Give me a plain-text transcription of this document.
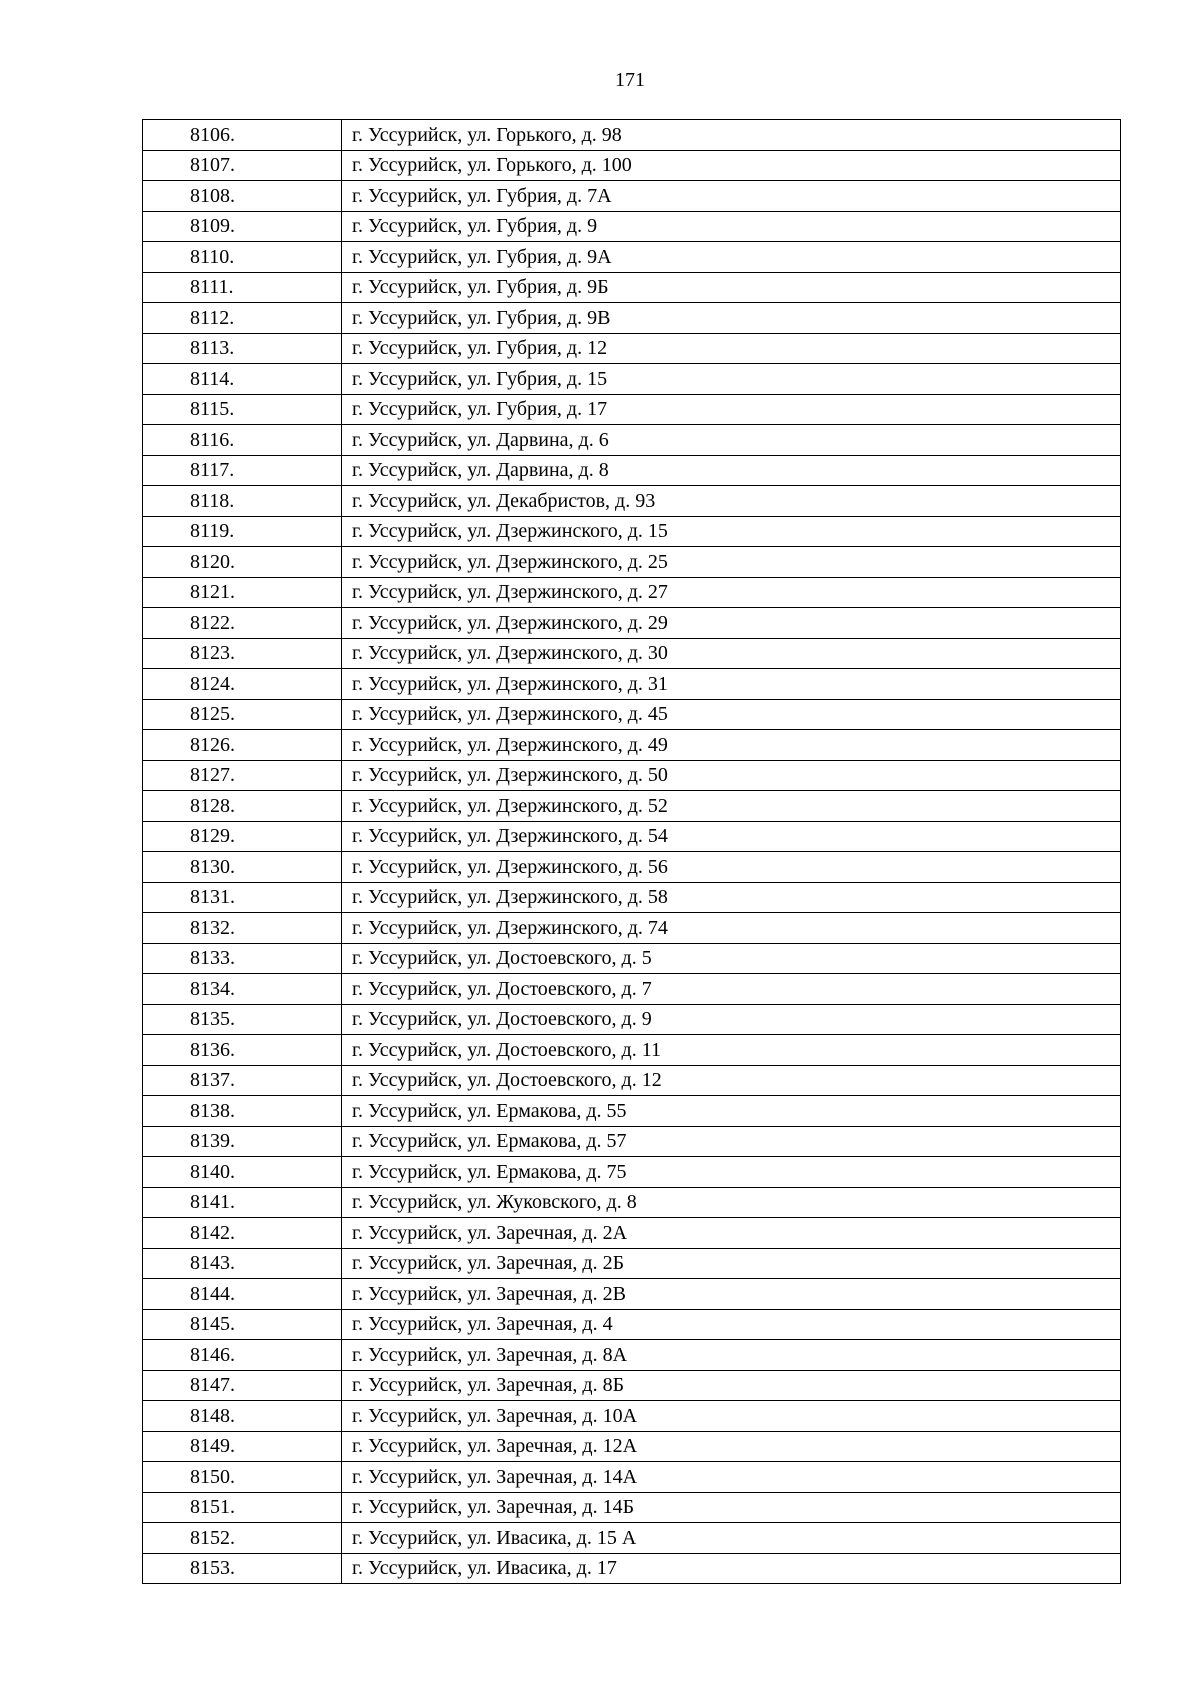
171
8106.	г. Уссурийск, ул. Горького, д. 98
8107.	г. Уссурийск, ул. Горького, д. 100
8108.	г. Уссурийск, ул. Губрия, д. 7А
8109.	г. Уссурийск, ул. Губрия, д. 9
8110.	г. Уссурийск, ул. Губрия, д. 9А
8111.	г. Уссурийск, ул. Губрия, д. 9Б
8112.	г. Уссурийск, ул. Губрия, д. 9В
8113.	г. Уссурийск, ул. Губрия, д. 12
8114.	г. Уссурийск, ул. Губрия, д. 15
8115.	г. Уссурийск, ул. Губрия, д. 17
8116.	г. Уссурийск, ул. Дарвина, д. 6
8117.	г. Уссурийск, ул. Дарвина, д. 8
8118.	г. Уссурийск, ул. Декабристов, д. 93
8119.	г. Уссурийск, ул. Дзержинского, д. 15
8120.	г. Уссурийск, ул. Дзержинского, д. 25
8121.	г. Уссурийск, ул. Дзержинского, д. 27
8122.	г. Уссурийск, ул. Дзержинского, д. 29
8123.	г. Уссурийск, ул. Дзержинского, д. 30
8124.	г. Уссурийск, ул. Дзержинского, д. 31
8125.	г. Уссурийск, ул. Дзержинского, д. 45
8126.	г. Уссурийск, ул. Дзержинского, д. 49
8127.	г. Уссурийск, ул. Дзержинского, д. 50
8128.	г. Уссурийск, ул. Дзержинского, д. 52
8129.	г. Уссурийск, ул. Дзержинского, д. 54
8130.	г. Уссурийск, ул. Дзержинского, д. 56
8131.	г. Уссурийск, ул. Дзержинского, д. 58
8132.	г. Уссурийск, ул. Дзержинского, д. 74
8133.	г. Уссурийск, ул. Достоевского, д. 5
8134.	г. Уссурийск, ул. Достоевского, д. 7
8135.	г. Уссурийск, ул. Достоевского, д. 9
8136.	г. Уссурийск, ул. Достоевского, д. 11
8137.	г. Уссурийск, ул. Достоевского, д. 12
8138.	г. Уссурийск, ул. Ермакова, д. 55
8139.	г. Уссурийск, ул. Ермакова, д. 57
8140.	г. Уссурийск, ул. Ермакова, д. 75
8141.	г. Уссурийск, ул. Жуковского, д. 8
8142.	г. Уссурийск, ул. Заречная, д. 2А
8143.	г. Уссурийск, ул. Заречная, д. 2Б
8144.	г. Уссурийск, ул. Заречная, д. 2В
8145.	г. Уссурийск, ул. Заречная, д. 4
8146.	г. Уссурийск, ул. Заречная, д. 8А
8147.	г. Уссурийск, ул. Заречная, д. 8Б
8148.	г. Уссурийск, ул. Заречная, д. 10А
8149.	г. Уссурийск, ул. Заречная, д. 12А
8150.	г. Уссурийск, ул. Заречная, д. 14А
8151.	г. Уссурийск, ул. Заречная, д. 14Б
8152.	г. Уссурийск, ул. Ивасика, д. 15 А
8153.	г. Уссурийск, ул. Ивасика, д. 17
